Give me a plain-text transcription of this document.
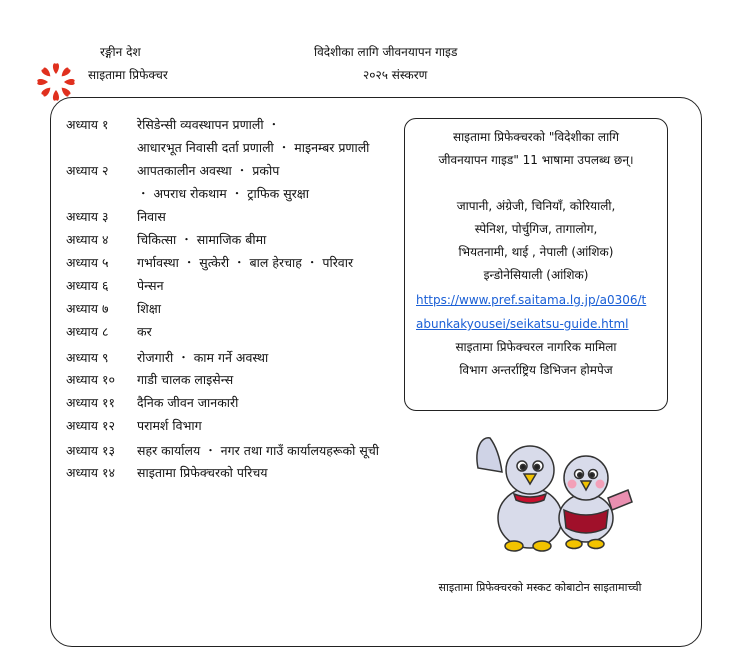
रङ्गीन देश
साइतामा प्रिफेक्चर
विदेशीका लागि जीवनयापन गाइड
२०२५ संस्करण
अध्याय १ रेसिडेन्सी व्यवस्थापन प्रणाली ・
आधारभूत निवासी दर्ता प्रणाली ・ माइनम्बर प्रणाली
अध्याय २ आपतकालीन अवस्था ・ प्रकोप
・ अपराध रोकथाम ・ ट्राफिक सुरक्षा
अध्याय ३ निवास
अध्याय ४ चिकित्सा ・ सामाजिक बीमा
अध्याय ५ गर्भावस्था ・ सुत्केरी ・ बाल हेरचाह ・ परिवार
अध्याय ६ पेन्सन
अध्याय ७ शिक्षा
अध्याय ८ कर
अध्याय ९ रोजगारी ・ काम गर्ने अवस्था
अध्याय १० गाडी चालक लाइसेन्स
अध्याय ११ दैनिक जीवन जानकारी
अध्याय १२ परामर्श विभाग
अध्याय १३ सहर कार्यालय ・ नगर तथा गाउँ कार्यालयहरूको सूची
अध्याय १४ साइतामा प्रिफेक्चरको परिचय
साइतामा प्रिफेक्चरको "विदेशीका लागि
जीवनयापन गाइड" 11 भाषामा उपलब्ध छन्।
जापानी, अंग्रेजी, चिनियाँ, कोरियाली,
स्पेनिश, पोर्चुगिज, तागालोग,
भियतनामी, थाई , नेपाली (आंशिक)
इन्डोनेसियाली (आंशिक)
https://www.pref.saitama.lg.jp/a0306/t
abunkakyousei/seikatsu-guide.html
साइतामा प्रिफेक्चरल नागरिक मामिला
विभाग अन्तर्राष्ट्रिय डिभिजन होमपेज
साइतामा प्रिफेक्चरको मस्कट कोबाटोन साइतामाच्ची
